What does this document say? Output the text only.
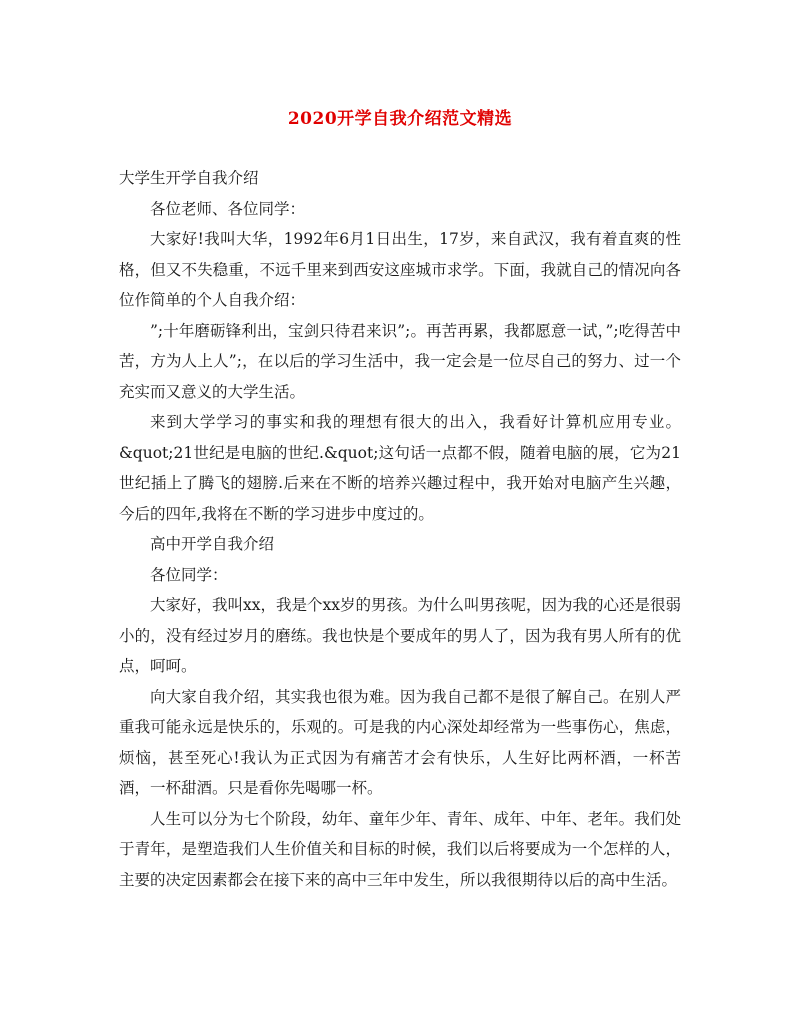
2020开学自我介绍范文精选

大学生开学自我介绍

各位老师、各位同学：

大家好!我叫大华，1992年6月1日出生，17岁，来自武汉，我有着直爽的性格，但又不失稳重，不远千里来到西安这座城市求学。下面，我就自己的情况向各位作简单的个人自我介绍：

”;十年磨砺锋利出，宝剑只待君来识”;。再苦再累，我都愿意一试，”;吃得苦中苦，方为人上人”;，在以后的学习生活中，我一定会是一位尽自己的努力、过一个充实而又意义的大学生活。

来到大学学习的事实和我的理想有很大的出入，我看好计算机应用专业。&quot;21世纪是电脑的世纪.&quot;这句话一点都不假，随着电脑的展，它为21世纪插上了腾飞的翅膀.后来在不断的培养兴趣过程中，我开始对电脑产生兴趣，今后的四年,我将在不断的学习进步中度过的。

高中开学自我介绍

各位同学：

大家好，我叫xx，我是个xx岁的男孩。为什么叫男孩呢，因为我的心还是很弱小的，没有经过岁月的磨练。我也快是个要成年的男人了，因为我有男人所有的优点，呵呵。

向大家自我介绍，其实我也很为难。因为我自己都不是很了解自己。在别人严重我可能永远是快乐的，乐观的。可是我的内心深处却经常为一些事伤心，焦虑，烦恼，甚至死心!我认为正式因为有痛苦才会有快乐，人生好比两杯酒，一杯苦酒，一杯甜酒。只是看你先喝哪一杯。

人生可以分为七个阶段，幼年、童年少年、青年、成年、中年、老年。我们处于青年，是塑造我们人生价值关和目标的时候，我们以后将要成为一个怎样的人，主要的决定因素都会在接下来的高中三年中发生，所以我很期待以后的高中生活。
